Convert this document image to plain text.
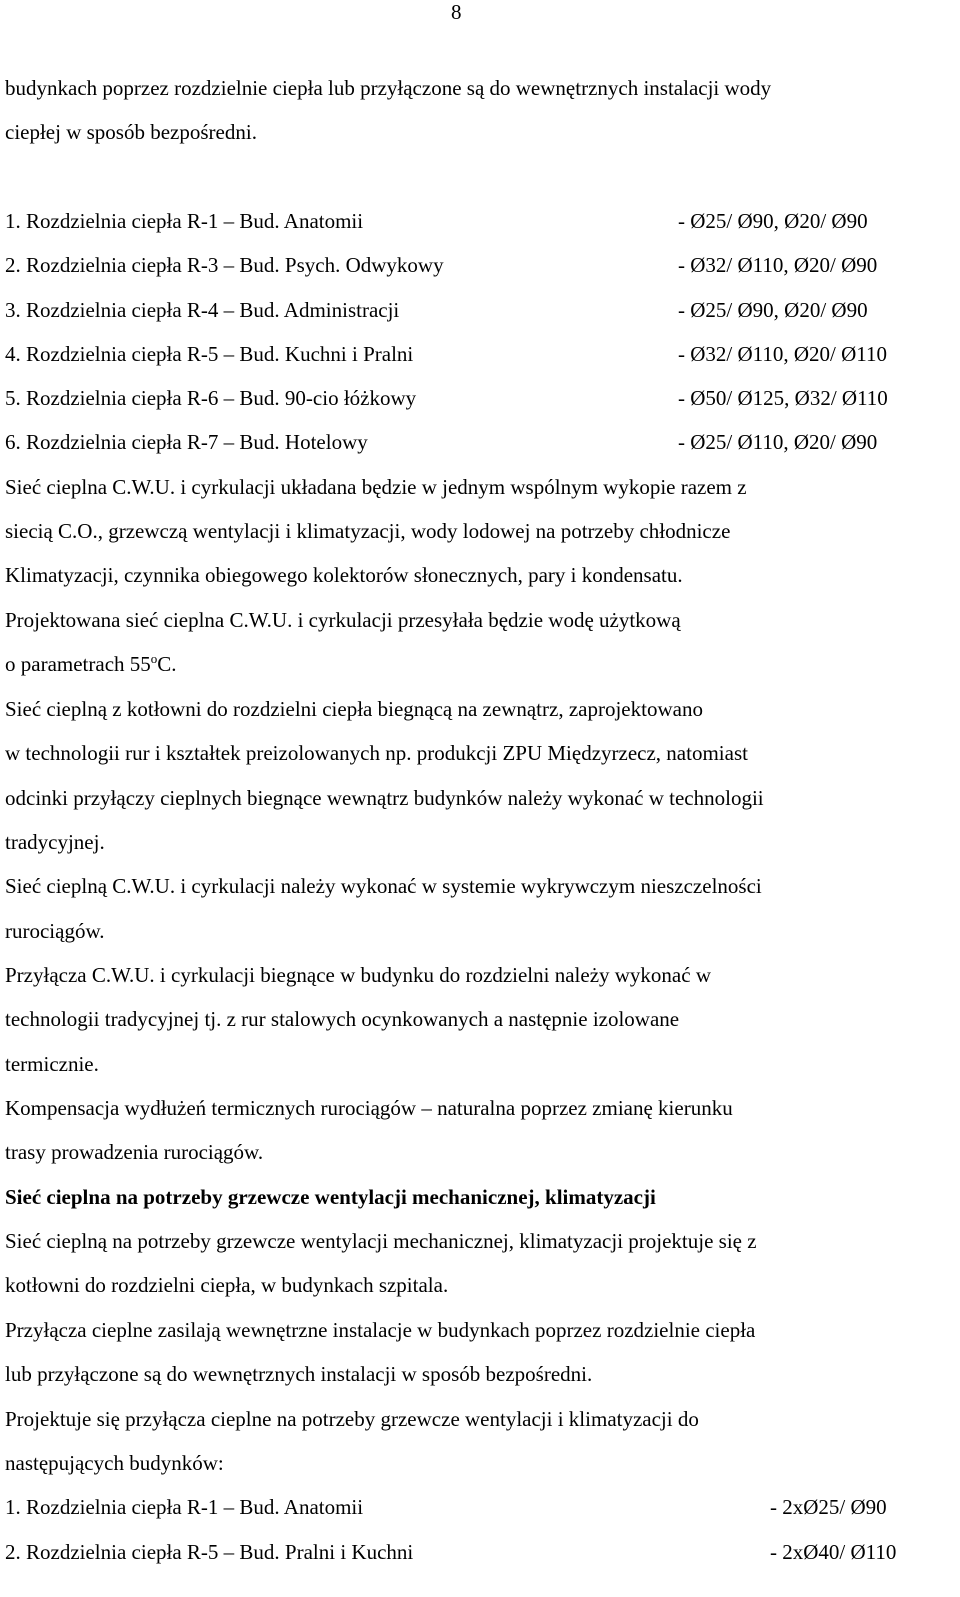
8
budynkach poprzez rozdzielnie ciepła lub przyłączone są do wewnętrznych instalacji wody
ciepłej w sposób bezpośredni.
1. Rozdzielnia ciepła R-1 – Bud. Anatomii	- Ø25/ Ø90, Ø20/ Ø90
2. Rozdzielnia ciepła R-3 – Bud. Psych. Odwykowy	- Ø32/ Ø110, Ø20/ Ø90
3. Rozdzielnia ciepła R-4 – Bud. Administracji	- Ø25/ Ø90, Ø20/ Ø90
4. Rozdzielnia ciepła R-5 – Bud. Kuchni i Pralni	- Ø32/ Ø110, Ø20/ Ø110
5. Rozdzielnia ciepła R-6 – Bud. 90-cio łóżkowy	- Ø50/ Ø125, Ø32/ Ø110
6. Rozdzielnia ciepła R-7 – Bud. Hotelowy	- Ø25/ Ø110, Ø20/ Ø90
Sieć cieplna C.W.U. i cyrkulacji układana będzie w jednym wspólnym wykopie razem z
siecią C.O., grzewczą wentylacji i klimatyzacji, wody lodowej na potrzeby chłodnicze
Klimatyzacji, czynnika obiegowego kolektorów słonecznych, pary i kondensatu.
Projektowana sieć cieplna C.W.U. i cyrkulacji przesyłała będzie wodę użytkową
o parametrach 55$^o$C.
Sieć cieplną z kotłowni do rozdzielni ciepła biegnącą na zewnątrz, zaprojektowano
w technologii rur i kształtek preizolowanych np. produkcji ZPU Międzyrzecz, natomiast
odcinki przyłączy cieplnych biegnące wewnątrz budynków należy wykonać w technologii
tradycyjnej.
Sieć cieplną C.W.U. i cyrkulacji należy wykonać w systemie wykrywczym nieszczelności
rurociągów.
Przyłącza C.W.U. i cyrkulacji biegnące w budynku do rozdzielni należy wykonać w
technologii tradycyjnej tj. z rur stalowych ocynkowanych a następnie izolowane
termicznie.
Kompensacja wydłużeń termicznych rurociągów – naturalna poprzez zmianę kierunku
trasy prowadzenia rurociągów.
Sieć cieplna na potrzeby grzewcze wentylacji mechanicznej, klimatyzacji
Sieć cieplną na potrzeby grzewcze wentylacji mechanicznej, klimatyzacji projektuje się z
kotłowni do rozdzielni ciepła, w budynkach szpitala.
Przyłącza cieplne zasilają wewnętrzne instalacje w budynkach poprzez rozdzielnie ciepła
lub przyłączone są do wewnętrznych instalacji w sposób bezpośredni.
Projektuje się przyłącza cieplne na potrzeby grzewcze wentylacji i klimatyzacji do
następujących budynków:
1. Rozdzielnia ciepła R-1 – Bud. Anatomii	- 2xØ25/ Ø90
2. Rozdzielnia ciepła R-5 – Bud. Pralni i Kuchni	- 2xØ40/ Ø110
